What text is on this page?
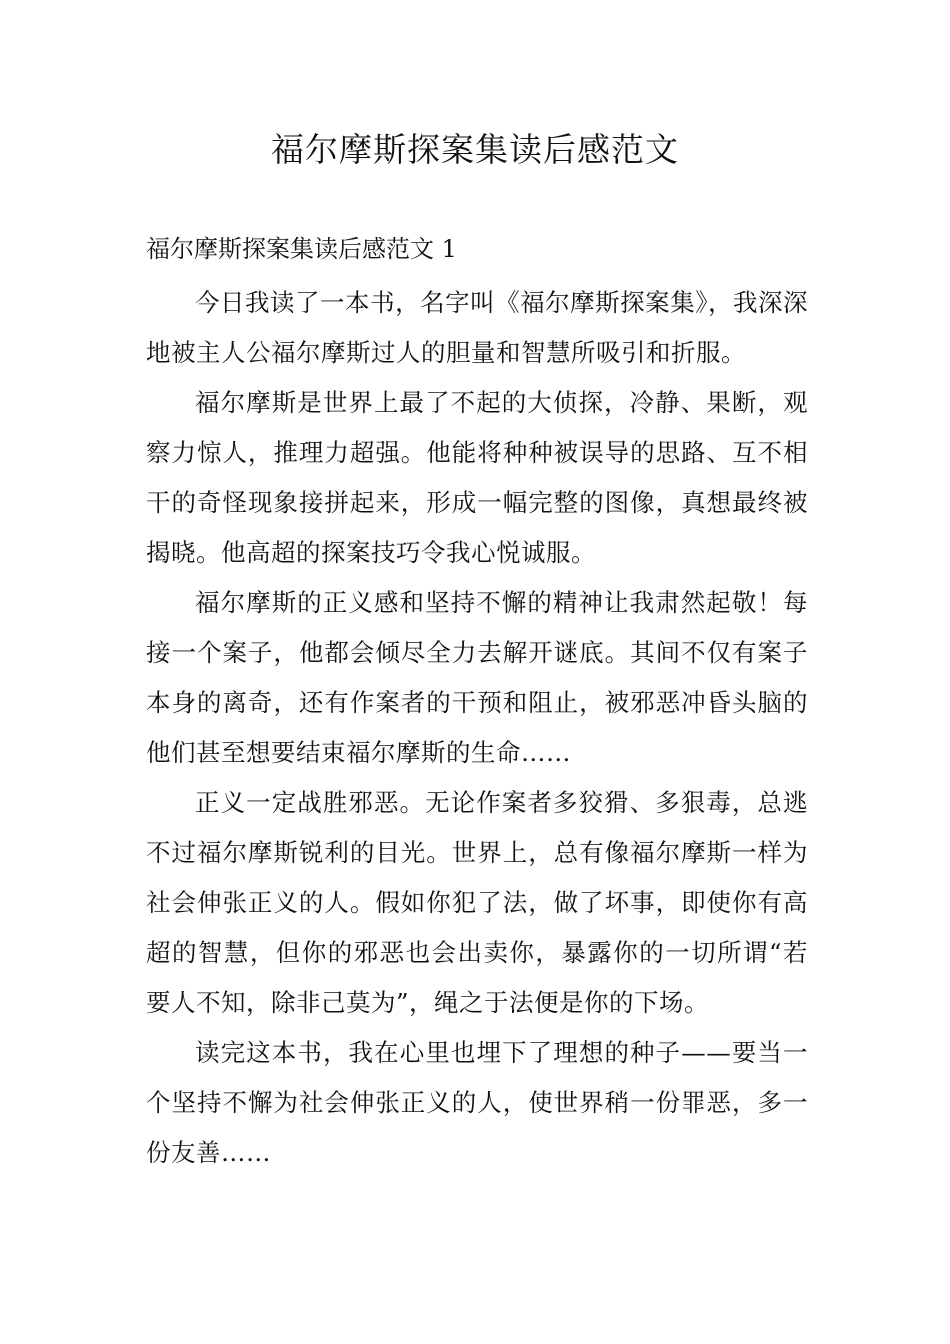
福尔摩斯探案集读后感范文
福尔摩斯探案集读后感范文 1

今日我读了一本书，名字叫《福尔摩斯探案集》，我深深地被主人公福尔摩斯过人的胆量和智慧所吸引和折服。

福尔摩斯是世界上最了不起的大侦探，冷静、果断，观察力惊人，推理力超强。他能将种种被误导的思路、互不相干的奇怪现象接拼起来，形成一幅完整的图像，真想最终被揭晓。他高超的探案技巧令我心悦诚服。

福尔摩斯的正义感和坚持不懈的精神让我肃然起敬！每接一个案子，他都会倾尽全力去解开谜底。其间不仅有案子本身的离奇，还有作案者的干预和阻止，被邪恶冲昏头脑的他们甚至想要结束福尔摩斯的生命……

正义一定战胜邪恶。无论作案者多狡猾、多狠毒，总逃不过福尔摩斯锐利的目光。世界上，总有像福尔摩斯一样为社会伸张正义的人。假如你犯了法，做了坏事，即使你有高超的智慧，但你的邪恶也会出卖你，暴露你的一切所谓“若要人不知，除非己莫为”，绳之于法便是你的下场。

读完这本书，我在心里也埋下了理想的种子——要当一个坚持不懈为社会伸张正义的人，使世界稍一份罪恶，多一份友善……
